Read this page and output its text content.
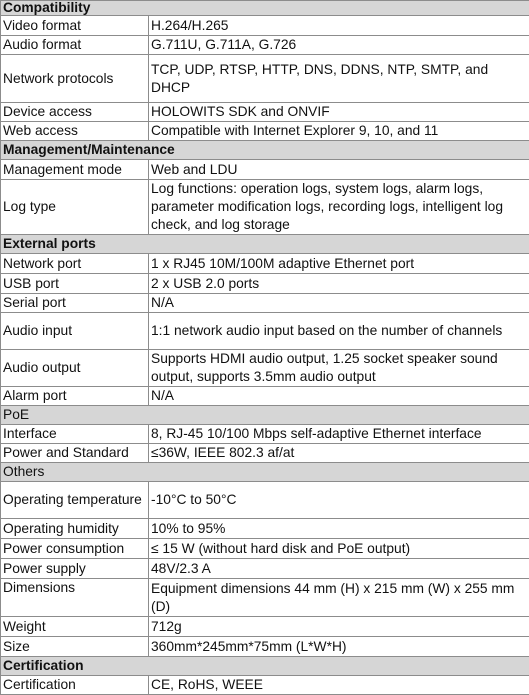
Compatibility	
Video format	H.264/H.265
Audio format	G.711U, G.711A, G.726
Network protocols	TCP, UDP, RTSP, HTTP, DNS, DDNS, NTP, SMTP, and DHCP
Device access	HOLOWITS SDK and ONVIF
Web access	Compatible with Internet Explorer 9, 10, and 11
Management/Maintenance	
Management mode	Web and LDU
Log type	Log functions: operation logs, system logs, alarm logs, parameter modification logs, recording logs, intelligent log check, and log storage
External ports	
Network port	1 x RJ45 10M/100M adaptive Ethernet port
USB port	2 x USB 2.0 ports
Serial port	N/A
Audio input	1:1 network audio input based on the number of channels
Audio output	Supports HDMI audio output, 1.25 socket speaker sound output, supports 3.5mm audio output
Alarm port	N/A
PoE	
Interface	8, RJ-45 10/100 Mbps self-adaptive Ethernet interface
Power and Standard	≤36W, IEEE 802.3 af/at
Others	
Operating temperature	-10°C to 50°C
Operating humidity	10% to 95%
Power consumption	≤ 15 W (without hard disk and PoE output)
Power supply	48V/2.3 A
Dimensions	Equipment dimensions 44 mm (H) x 215 mm (W) x 255 mm (D)
Weight	712g
Size	360mm*245mm*75mm (L*W*H)
Certification	
Certification	CE, RoHS, WEEE
